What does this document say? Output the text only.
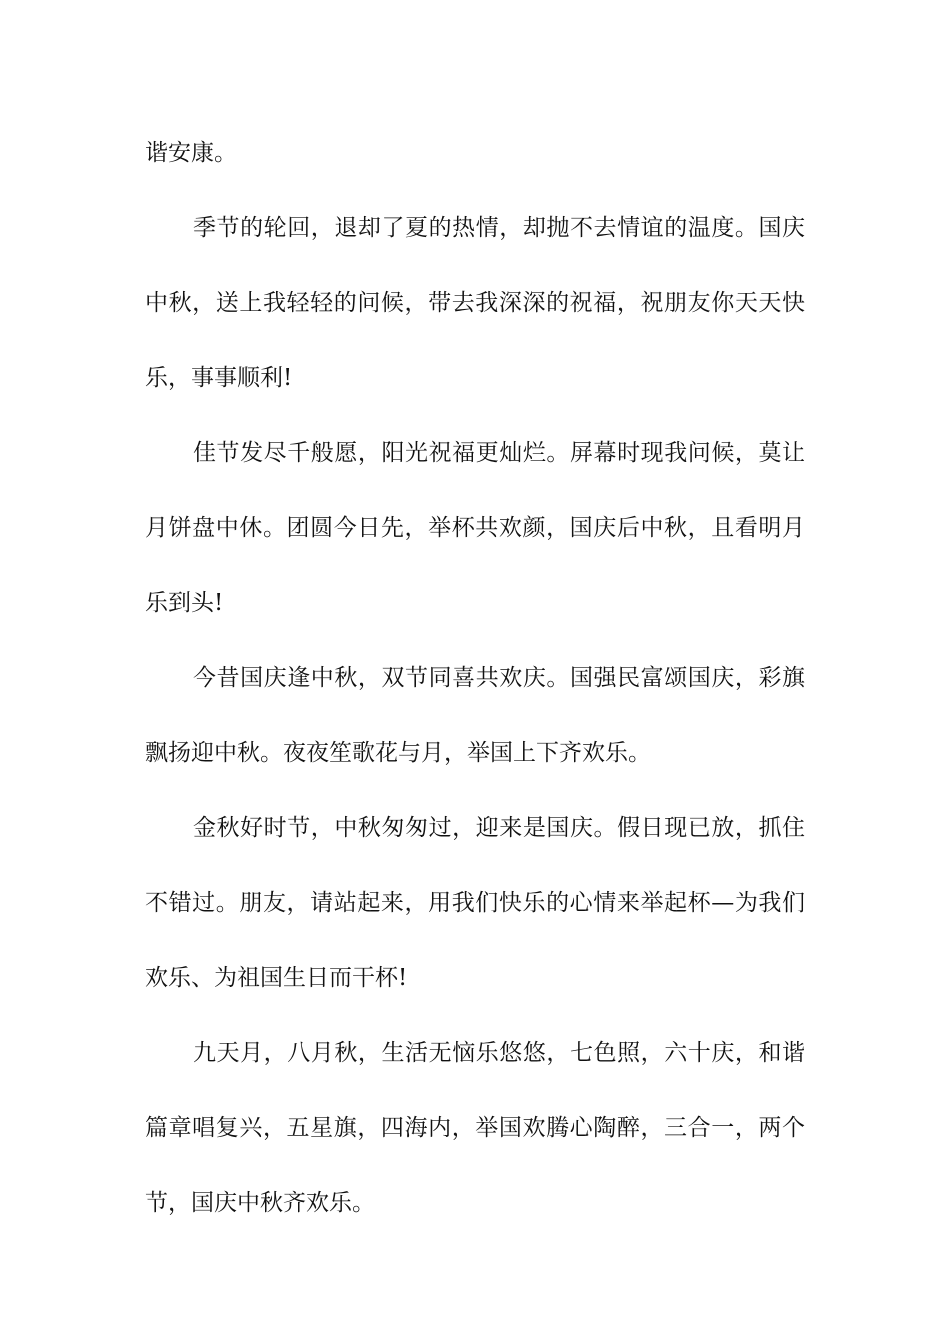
谐安康。

季节的轮回，退却了夏的热情，却抛不去情谊的温度。国庆中秋，送上我轻轻的问候，带去我深深的祝福，祝朋友你天天快乐，事事顺利!

佳节发尽千般愿，阳光祝福更灿烂。屏幕时现我问候，莫让月饼盘中休。团圆今日先，举杯共欢颜，国庆后中秋，且看明月乐到头!

今昔国庆逢中秋，双节同喜共欢庆。国强民富颂国庆，彩旗飘扬迎中秋。夜夜笙歌花与月，举国上下齐欢乐。

金秋好时节，中秋匆匆过，迎来是国庆。假日现已放，抓住不错过。朋友，请站起来，用我们快乐的心情来举起杯—为我们欢乐、为祖国生日而干杯!

九天月，八月秋，生活无恼乐悠悠，七色照，六十庆，和谐篇章唱复兴，五星旗，四海内，举国欢腾心陶醉，三合一，两个节，国庆中秋齐欢乐。
